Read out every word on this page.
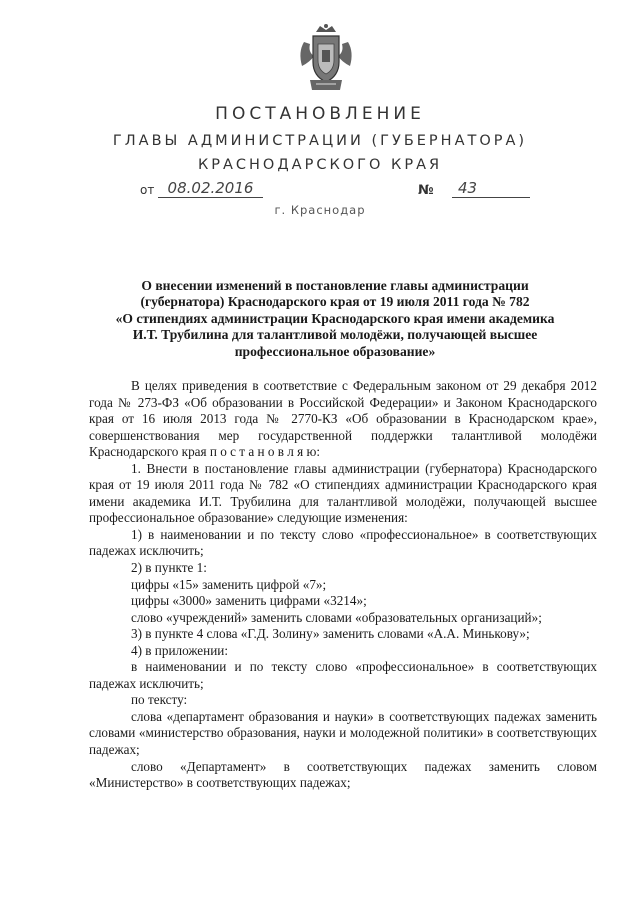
ПОСТАНОВЛЕНИЕ
ГЛАВЫ АДМИНИСТРАЦИИ (ГУБЕРНАТОРА)
КРАСНОДАРСКОГО КРАЯ
от 08.02.2016	№	43
г. Краснодар
О внесении изменений в постановление главы администрации
(губернатора) Краснодарского края от 19 июля 2011 года № 782
«О стипендиях администрации Краснодарского края имени академика
И.Т. Трубилина для талантливой молодёжи, получающей высшее
профессиональное образование»

В целях приведения в соответствие с Федеральным законом от 29 декабря 2012 года № 273-ФЗ «Об образовании в Российской Федерации» и Законом Краснодарского края от 16 июля 2013 года № 2770-КЗ «Об образовании в Краснодарском крае», совершенствования мер государственной поддержки талантливой молодёжи Краснодарского края п о с т а н о в л я ю:

1. Внести в постановление главы администрации (губернатора) Краснодарского края от 19 июля 2011 года № 782 «О стипендиях администрации Краснодарского края имени академика И.Т. Трубилина для талантливой молодёжи, получающей высшее профессиональное образование» следующие изменения:

1) в наименовании и по тексту слово «профессиональное» в соответствующих падежах исключить;

2) в пункте 1:

цифры «15» заменить цифрой «7»;

цифры «3000» заменить цифрами «3214»;

слово «учреждений» заменить словами «образовательных организаций»;

3) в пункте 4 слова «Г.Д. Золину» заменить словами «А.А. Минькову»;

4) в приложении:

в наименовании и по тексту слово «профессиональное» в соответствующих падежах исключить;

по тексту:

слова «департамент образования и науки» в соответствующих падежах заменить словами «министерство образования, науки и молодежной политики» в соответствующих падежах;

слово «Департамент» в соответствующих падежах заменить словом «Министерство» в соответствующих падежах;
